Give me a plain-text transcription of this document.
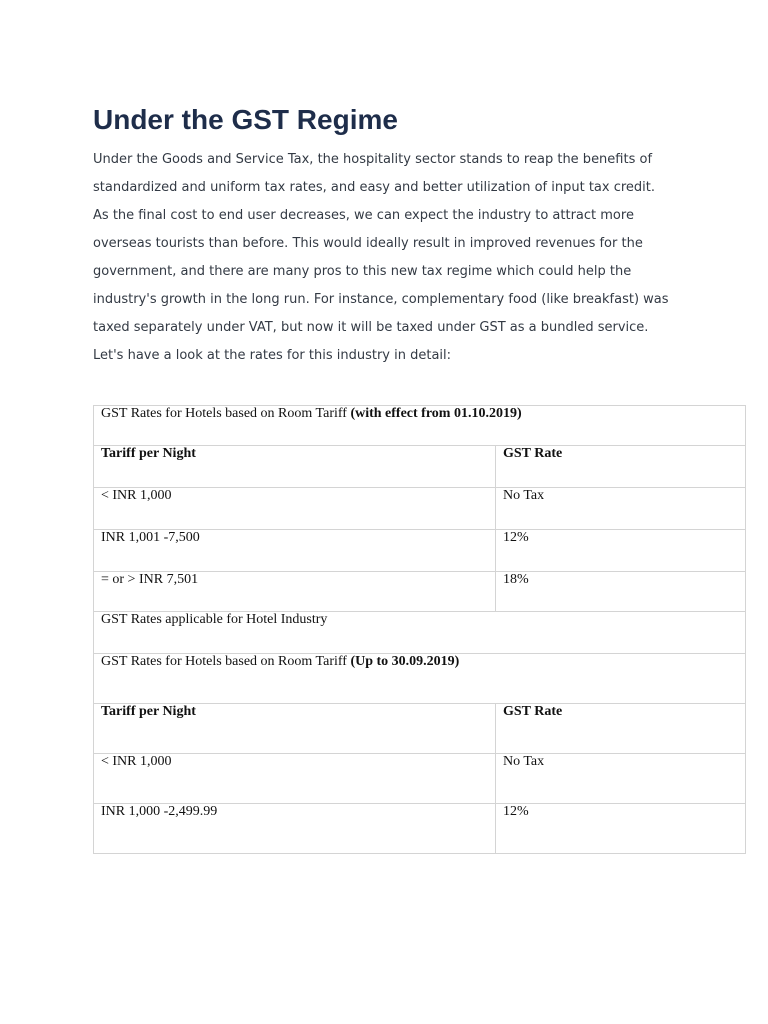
Under the GST Regime

Under the Goods and Service Tax, the hospitality sector stands to reap the benefits of standardized and uniform tax rates, and easy and better utilization of input tax credit. As the final cost to end user decreases, we can expect the industry to attract more overseas tourists than before. This would ideally result in improved revenues for the government, and there are many pros to this new tax regime which could help the industry's growth in the long run. For instance, complementary food (like breakfast) was taxed separately under VAT, but now it will be taxed under GST as a bundled service. Let's have a look at the rates for this industry in detail:

GST Rates for Hotels based on Room Tariff (with effect from 01.10.2019)	
Tariff per Night	GST Rate
< INR 1,000	No Tax
INR 1,001 -7,500	12%
= or > INR 7,501	18%
GST Rates applicable for Hotel Industry	
GST Rates for Hotels based on Room Tariff (Up to 30.09.2019)	
Tariff per Night	GST Rate
< INR 1,000	No Tax
INR 1,000 -2,499.99	12%
